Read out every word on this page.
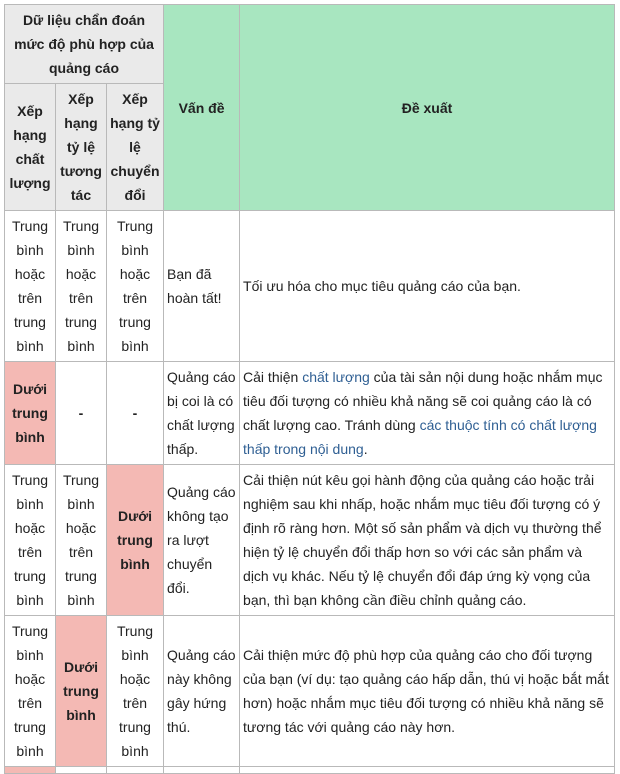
Dữ liệu chẩn đoán mức độ phù hợp của quảng cáo			Vấn đề	Đề xuất
Xếp hạng chất lượng	Xếp hạng tỷ lệ tương tác	Xếp hạng tỷ lệ chuyển đổi		
Trung bình hoặc trên trung bình	Trung bình hoặc trên trung bình	Trung bình hoặc trên trung bình	Bạn đã hoàn tất!	Tối ưu hóa cho mục tiêu quảng cáo của bạn.
Dưới trung bình	-	-	Quảng cáo bị coi là có chất lượng thấp.	Cải thiện chất lượng của tài sản nội dung hoặc nhắm mục tiêu đối tượng có nhiều khả năng sẽ coi quảng cáo là có chất lượng cao. Tránh dùng các thuộc tính có chất lượng thấp trong nội dung.
Trung bình hoặc trên trung bình	Trung bình hoặc trên trung bình	Dưới trung bình	Quảng cáo không tạo ra lượt chuyển đổi.	Cải thiện nút kêu gọi hành động của quảng cáo hoặc trải nghiệm sau khi nhấp, hoặc nhắm mục tiêu đối tượng có ý định rõ ràng hơn. Một số sản phẩm và dịch vụ thường thể hiện tỷ lệ chuyển đổi thấp hơn so với các sản phẩm và dịch vụ khác. Nếu tỷ lệ chuyển đổi đáp ứng kỳ vọng của bạn, thì bạn không cần điều chỉnh quảng cáo.
Trung bình hoặc trên trung bình	Dưới trung bình	Trung bình hoặc trên trung bình	Quảng cáo này không gây hứng thú.	Cải thiện mức độ phù hợp của quảng cáo cho đối tượng của bạn (ví dụ: tạo quảng cáo hấp dẫn, thú vị hoặc bắt mắt hơn) hoặc nhắm mục tiêu đối tượng có nhiều khả năng sẽ tương tác với quảng cáo này hơn.
